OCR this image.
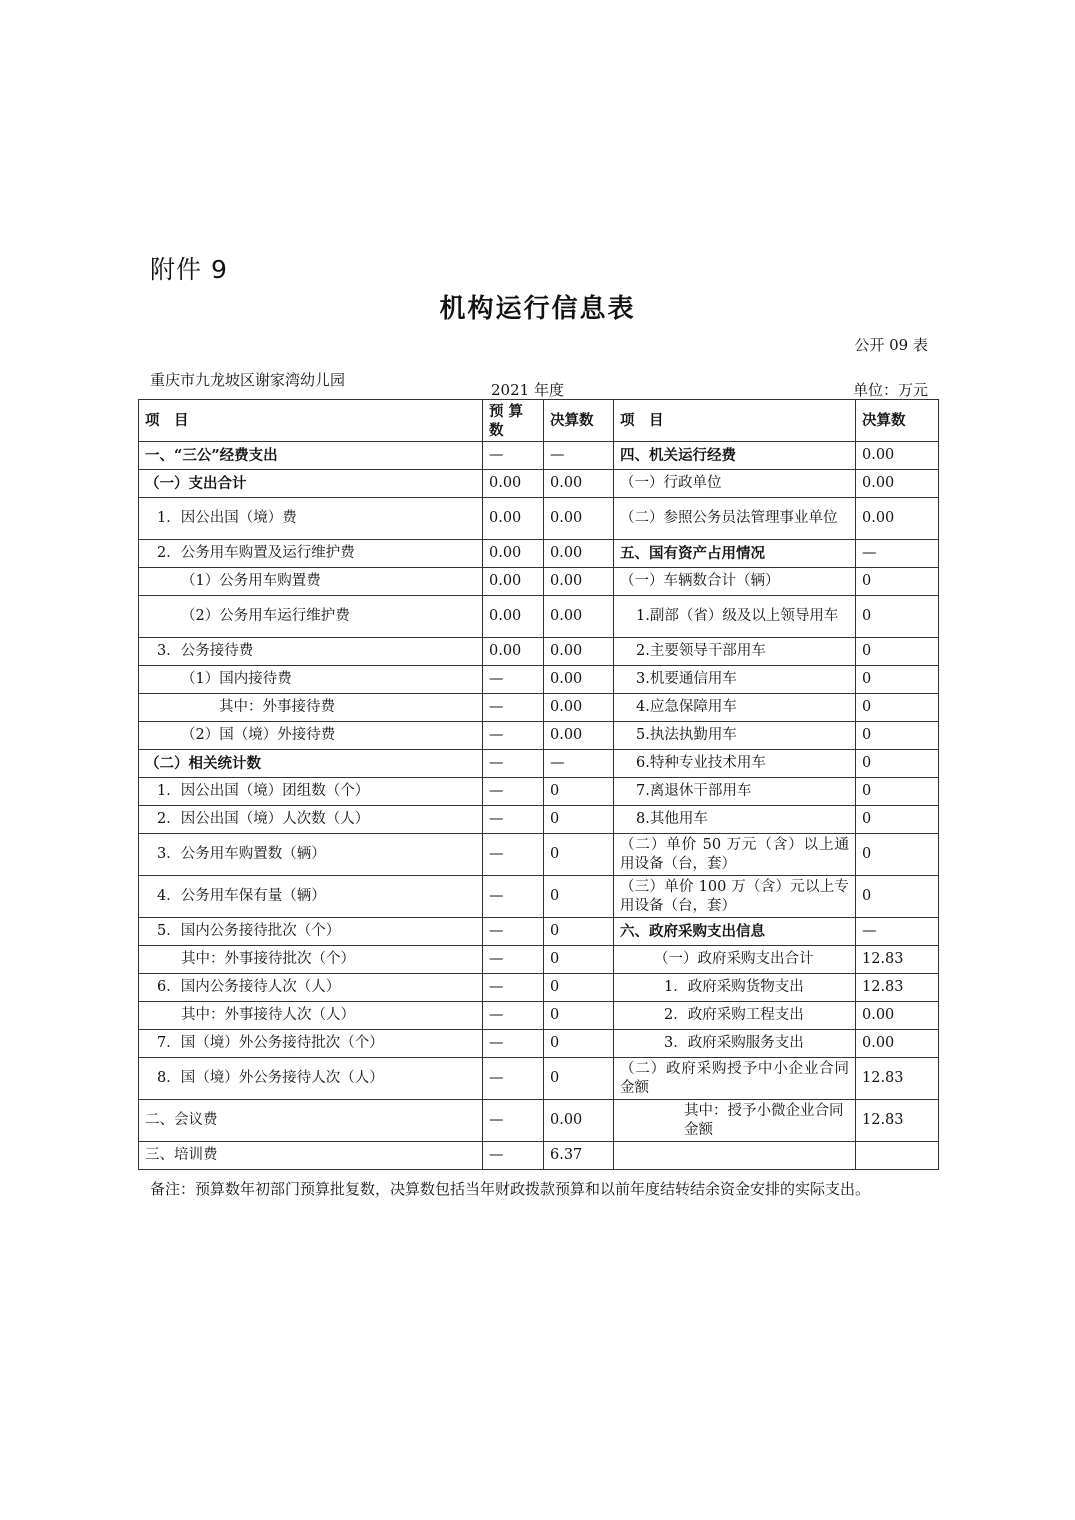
附件 9
机构运行信息表
公开 09 表
重庆市九龙坡区谢家湾幼儿园
2021 年度	单位：万元
项　目	预 算数	决算数	项　目	决算数
一、“三公”经费支出	—	—	四、机关运行经费	0.00
（一）支出合计	0.00	0.00	（一）行政单位	0.00
1．因公出国（境）费	0.00	0.00	（二）参照公务员法管理事业单位	0.00
2．公务用车购置及运行维护费	0.00	0.00	五、国有资产占用情况	—
（1）公务用车购置费	0.00	0.00	（一）车辆数合计（辆）	0
（2）公务用车运行维护费	0.00	0.00	1.副部（省）级及以上领导用车	0
3．公务接待费	0.00	0.00	2.主要领导干部用车	0
（1）国内接待费	—	0.00	3.机要通信用车	0
其中：外事接待费	—	0.00	4.应急保障用车	0
（2）国（境）外接待费	—	0.00	5.执法执勤用车	0
（二）相关统计数	—	—	6.特种专业技术用车	0
1．因公出国（境）团组数（个）	—	0	7.离退休干部用车	0
2．因公出国（境）人次数（人）	—	0	8.其他用车	0
3．公务用车购置数（辆）	—	0	（二）单价 50 万元（含）以上通用设备（台，套）	0
4．公务用车保有量（辆）	—	0	（三）单价 100 万（含）元以上专用设备（台，套）	0
5．国内公务接待批次（个）	—	0	六、政府采购支出信息	—
其中：外事接待批次（个）	—	0	（一）政府采购支出合计	12.83
6．国内公务接待人次（人）	—	0	1．政府采购货物支出	12.83
其中：外事接待人次（人）	—	0	2．政府采购工程支出	0.00
7．国（境）外公务接待批次（个）	—	0	3．政府采购服务支出	0.00
8．国（境）外公务接待人次（人）	—	0	（二）政府采购授予中小企业合同金额	12.83
二、会议费	—	0.00	其中：授予小微企业合同金额	12.83
三、培训费	—	6.37		
备注：预算数年初部门预算批复数，决算数包括当年财政拨款预算和以前年度结转结余资金安排的实际支出。
